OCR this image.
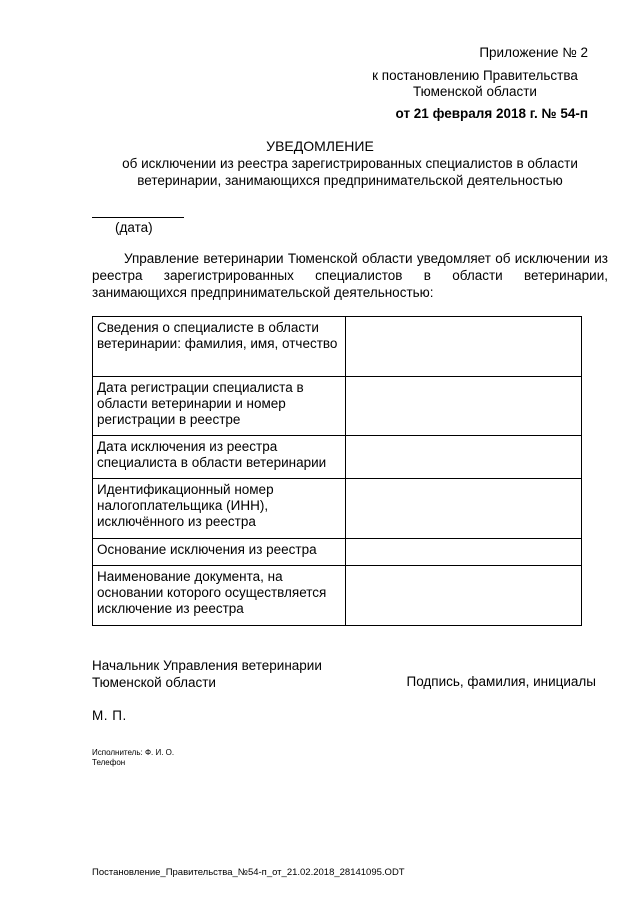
Приложение № 2
к постановлению Правительства
Тюменской области
от 21 февраля 2018 г. № 54-п
УВЕДОМЛЕНИЕ
об исключении из реестра зарегистрированных специалистов в области
ветеринарии, занимающихся предпринимательской деятельностью
(дата)
Управление ветеринарии Тюменской области уведомляет об исключении из реестра зарегистрированных специалистов в области ветеринарии, занимающихся предпринимательской деятельностью:
Сведения о специалисте в области ветеринарии: фамилия, имя, отчество	
Дата регистрации специалиста в области ветеринарии и номер регистрации в реестре	
Дата исключения из реестра специалиста в области ветеринарии	
Идентификационный номер налогоплательщика (ИНН), исключённого из реестра	
Основание исключения из реестра	
Наименование документа, на основании которого осуществляется исключение из реестра	
Начальник Управления ветеринарии
Тюменской области	Подпись, фамилия, инициалы
М. П.
Исполнитель: Ф. И. О.
Телефон
Постановление_Правительства_№54-п_от_21.02.2018_28141095.ODT
